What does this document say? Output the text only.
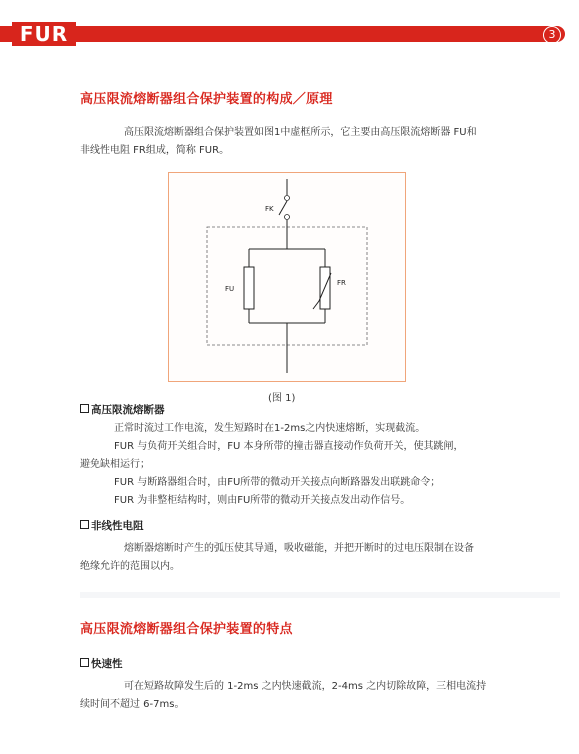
FUR	3
高压限流熔断器组合保护装置的构成／原理
高压限流熔断器组合保护装置如图1中虚框所示，它主要由高压限流熔断器 FU和
非线性电阻 FR组成，简称 FUR。
FK
FU
FR
(图 1)
高压限流熔断器
正常时流过工作电流，发生短路时在1-2ms之内快速熔断，实现截流。
FUR 与负荷开关组合时，FU 本身所带的撞击器直接动作负荷开关，使其跳闸，
避免缺相运行；
FUR 与断路器组合时，由FU所带的微动开关接点向断路器发出联跳命令；
FUR 为非整柜结构时，则由FU所带的微动开关接点发出动作信号。
非线性电阻
熔断器熔断时产生的弧压使其导通，吸收磁能，并把开断时的过电压限制在设备
绝缘允许的范围以内。
高压限流熔断器组合保护装置的特点
快速性
可在短路故障发生后的 1-2ms 之内快速截流，2-4ms 之内切除故障，三相电流持
续时间不超过 6-7ms。
